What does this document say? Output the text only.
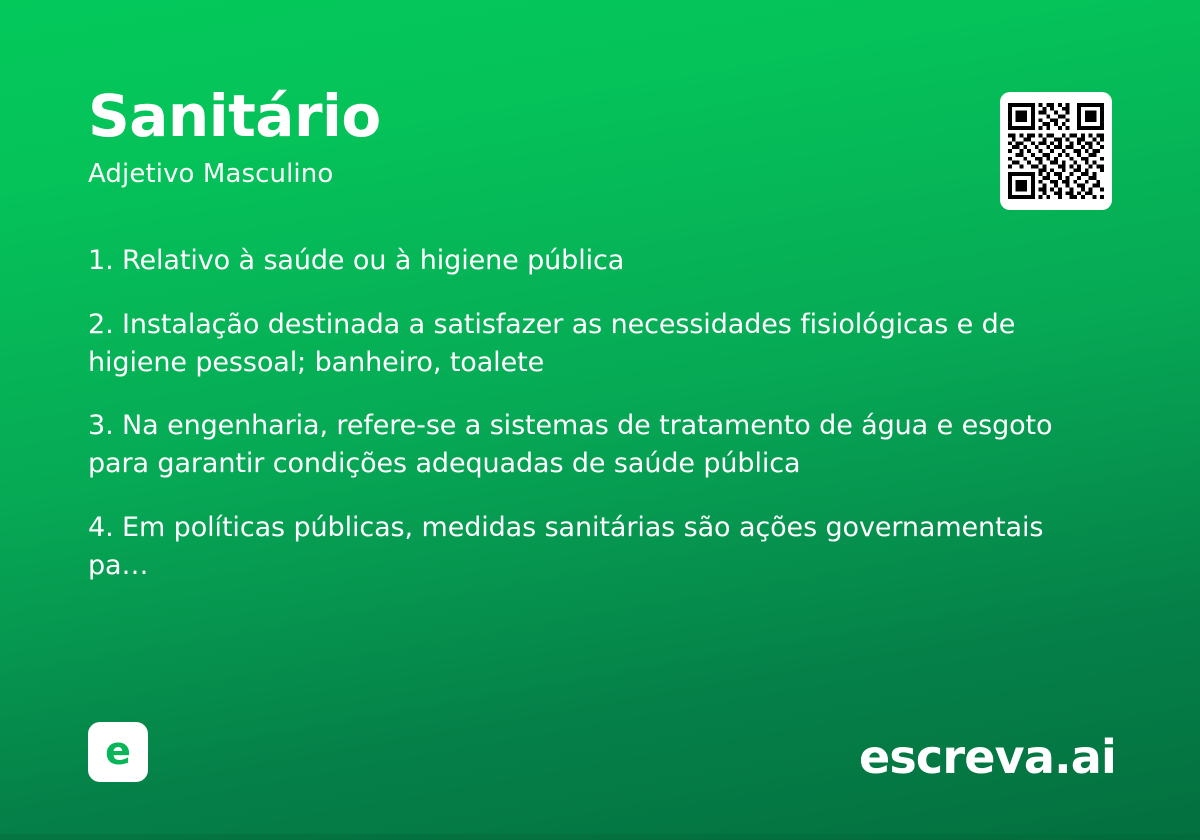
Sanitário

Adjetivo Masculino

1. Relativo à saúde ou à higiene pública

2. Instalação destinada a satisfazer as necessidades fisiológicas e de higiene pessoal; banheiro, toalete

3. Na engenharia, refere-se a sistemas de tratamento de água e esgoto para garantir condições adequadas de saúde pública

4. Em políticas públicas, medidas sanitárias são ações governamentais pa…

e	escreva.ai
